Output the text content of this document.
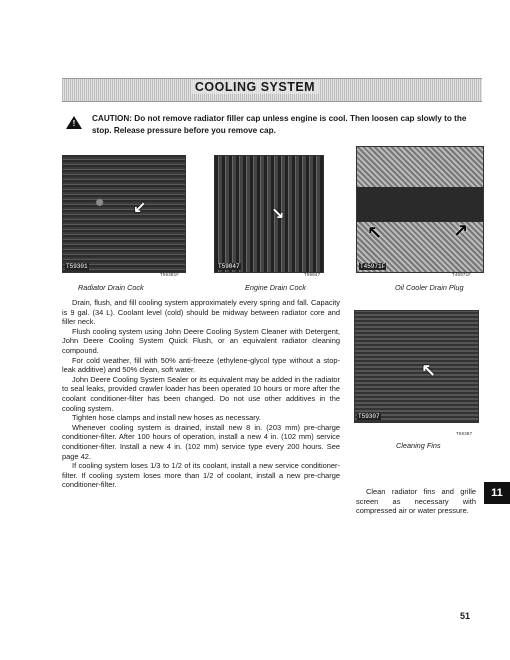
COOLING SYSTEM
!
CAUTION: Do not remove radiator filler cap unless engine is cool. Then loosen cap slowly to the stop. Release pressure before you remove cap.
↙
T59301
T59301F
Radiator Drain Cock
↘
T59047
T59047
Engine Drain Cock
↖	↗
T45971F
T45971F
Oil Cooler Drain Plug

Drain, flush, and fill cooling system approximately every spring and fall. Capacity is 9 gal. (34 L). Coolant level (cold) should be midway between radiator core and filler neck.

Flush cooling system using John Deere Cooling System Cleaner with Detergent, John Deere Cooling System Quick Flush, or an equivalent radiator cleaning compound.

For cold weather, fill with 50% anti-freeze (ethylene-glycol type without a stop-leak additive) and 50% clean, soft water.

John Deere Cooling System Sealer or its equivalent may be added in the radiator to seal leaks, provided crawler loader has been operated 10 hours or more after the coolant conditioner-filter has been changed. Do not use other additives in the cooling system.

Tighten hose clamps and install new hoses as necessary.

Whenever cooling system is drained, install new 8 in. (203 mm) pre-charge conditioner-filter. After 100 hours of operation, install a new 4 in. (102 mm) service conditioner-filter. Install a new 4 in. (102 mm) service type every 200 hours. See page 42.

If cooling system loses 1/3 to 1/2 of its coolant, install a new service conditioner-filter. If cooling system loses more than 1/2 of coolant, install a new pre-charge conditioner-filter.

↖
T59307
T59307
Cleaning Fins
Clean radiator fins and grille screen as necessary with compressed air or water pressure.
11
51
